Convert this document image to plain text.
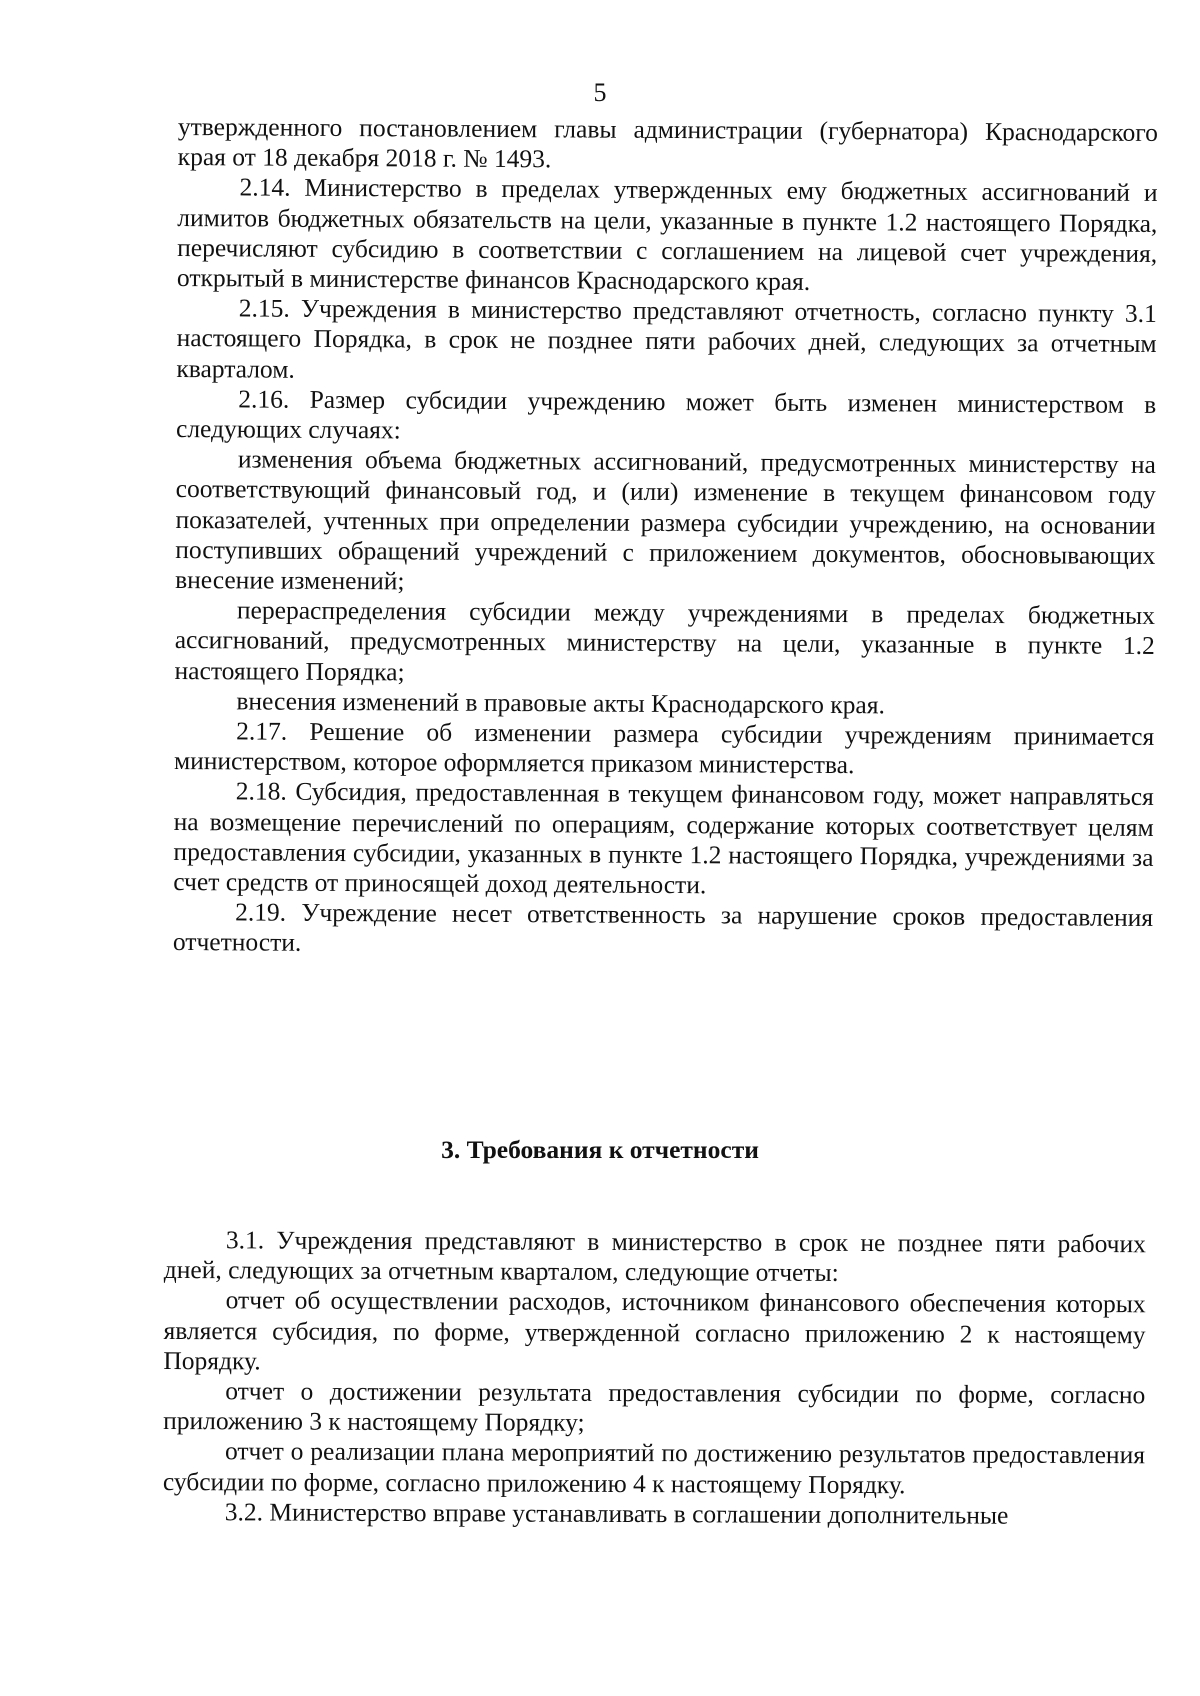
5

утвержденного постановлением главы администрации (губернатора) Краснодарского края от 18 декабря 2018 г. № 1493.

2.14. Министерство в пределах утвержденных ему бюджетных ассигнований и лимитов бюджетных обязательств на цели, указанные в пункте 1.2 настоящего Порядка, перечисляют субсидию в соответствии с соглашением на лицевой счет учреждения, открытый в министерстве финансов Краснодарского края.

2.15. Учреждения в министерство представляют отчетность, согласно пункту 3.1 настоящего Порядка, в срок не позднее пяти рабочих дней, следующих за отчетным кварталом.

2.16. Размер субсидии учреждению может быть изменен министерством в следующих случаях:

изменения объема бюджетных ассигнований, предусмотренных министерству на соответствующий финансовый год, и (или) изменение в текущем финансовом году показателей, учтенных при определении размера субсидии учреждению, на основании поступивших обращений учреждений с приложением документов, обосновывающих внесение изменений;

перераспределения субсидии между учреждениями в пределах бюджетных ассигнований, предусмотренных министерству на цели, указанные в пункте 1.2 настоящего Порядка;

внесения изменений в правовые акты Краснодарского края.

2.17. Решение об изменении размера субсидии учреждениям принимается министерством, которое оформляется приказом министерства.

2.18. Субсидия, предоставленная в текущем финансовом году, может направляться на возмещение перечислений по операциям, содержание которых соответствует целям предоставления субсидии, указанных в пункте 1.2 настоящего Порядка, учреждениями за счет средств от приносящей доход деятельности.

2.19. Учреждение несет ответственность за нарушение сроков предоставления отчетности.

3. Требования к отчетности

3.1. Учреждения представляют в министерство в срок не позднее пяти рабочих дней, следующих за отчетным кварталом, следующие отчеты:

отчет об осуществлении расходов, источником финансового обеспечения которых является субсидия, по форме, утвержденной согласно приложению 2 к настоящему Порядку.

отчет о достижении результата предоставления субсидии по форме, согласно приложению 3 к настоящему Порядку;

отчет о реализации плана мероприятий по достижению результатов предоставления субсидии по форме, согласно приложению 4 к настоящему Порядку.

3.2. Министерство вправе устанавливать в соглашении дополнительные
